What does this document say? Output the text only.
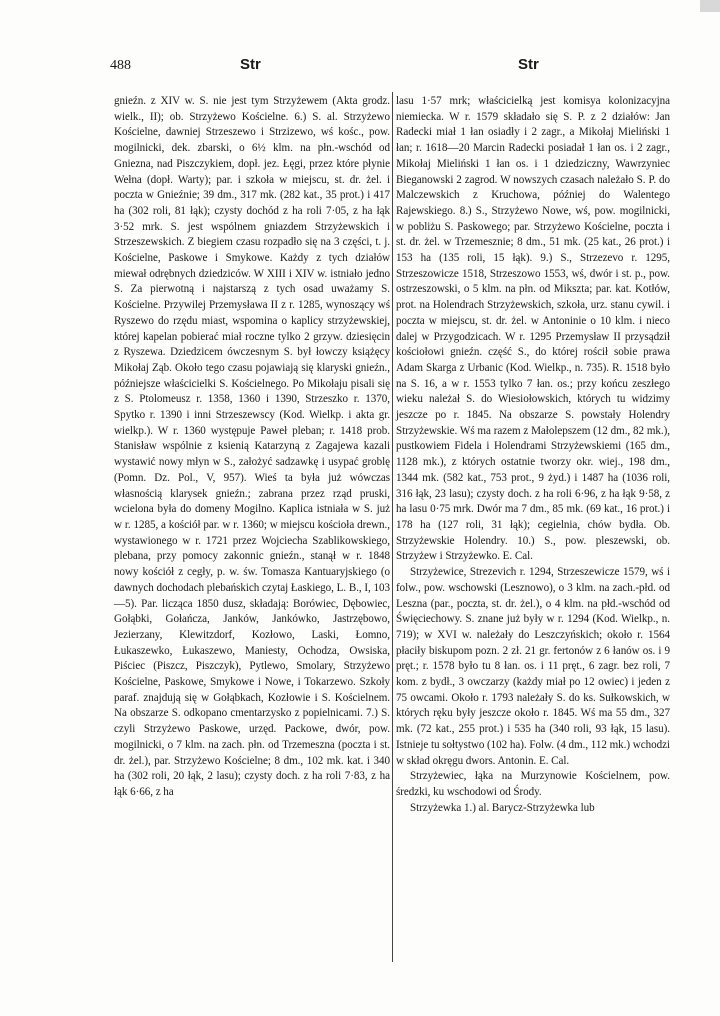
488	Str	Str

gnieźn. z XIV w. S. nie jest tym Strzyżewem (Akta grodz. wielk., II); ob. Strzyżewo Kościelne. 6.) S. al. Strzyżewo Kościelne, dawniej Strzeszewo i Strzizewo, wś kośc., pow. mogilnicki, dek. zbarski, o 6½ klm. na płn.-wschód od Gniezna, nad Piszczykiem, dopł. jez. Łęgi, przez które płynie Wełna (dopł. Warty); par. i szkoła w miejscu, st. dr. żel. i poczta w Gnieźnie; 39 dm., 317 mk. (282 kat., 35 prot.) i 417 ha (302 roli, 81 łąk); czysty dochód z ha roli 7·05, z ha łąk 3·52 mrk. S. jest wspólnem gniazdem Strzyżewskich i Strzeszewskich. Z biegiem czasu rozpadło się na 3 części, t. j. Kościelne, Paskowe i Smykowe. Każdy z tych działów miewał odrębnych dziedziców. W XIII i XIV w. istniało jedno S. Za pierwotną i najstarszą z tych osad uważamy S. Kościelne. Przywilej Przemysława II z r. 1285, wynoszący wś Ryszewo do rzędu miast, wspomina o kaplicy strzyżewskiej, której kapelan pobierać miał roczne tylko 2 grzyw. dziesięcin z Ryszewa. Dziedzicem ówczesnym S. był łowczy książęcy Mikołaj Ząb. Około tego czasu pojawiają się klaryski gnieźn., późniejsze właścicielki S. Kościelnego. Po Mikołaju pisali się z S. Ptolomeusz r. 1358, 1360 i 1390, Strzeszko r. 1370, Spytko r. 1390 i inni Strzeszewscy (Kod. Wielkp. i akta gr. wielkp.). W r. 1360 występuje Paweł pleban; r. 1418 prob. Stanisław wspólnie z ksienią Katarzyną z Zagajewa kazali wystawić nowy młyn w S., założyć sadzawkę i usypać groblę (Pomn. Dz. Pol., V, 957). Wieś ta była już wówczas własnością klarysek gnieźn.; zabrana przez rząd pruski, wcielona była do domeny Mogilno. Kaplica istniała w S. już w r. 1285, a kościół par. w r. 1360; w miejscu kościoła drewn., wystawionego w r. 1721 przez Wojciecha Szablikowskiego, plebana, przy pomocy zakonnic gnieźn., stanął w r. 1848 nowy kościół z cegły, p. w. św. Tomasza Kantuaryjskiego (o dawnych dochodach plebańskich czytaj Łaskiego, L. B., I, 103—5). Par. licząca 1850 dusz, składają: Borówiec, Dębowiec, Gołąbki, Gołańcza, Janków, Jankówko, Jastrzębowo, Jezierzany, Klewitzdorf, Kozłowo, Laski, Łomno, Łukaszewko, Łukaszewo, Maniesty, Ochodza, Owsiska, Piściec (Piszcz, Piszczyk), Pytlewo, Smolary, Strzyżewo Kościelne, Paskowe, Smykowe i Nowe, i Tokarzewo. Szkoły paraf. znajdują się w Gołąbkach, Kozłowie i S. Kościelnem. Na obszarze S. odkopano cmentarzysko z popielnicami. 7.) S. czyli Strzyżewo Paskowe, urzęd. Packowe, dwór, pow. mogilnicki, o 7 klm. na zach. płn. od Trzemeszna (poczta i st. dr. żel.), par. Strzyżewo Kościelne; 8 dm., 102 mk. kat. i 340 ha (302 roli, 20 łąk, 2 lasu); czysty doch. z ha roli 7·83, z ha łąk 6·66, z ha

lasu 1·57 mrk; właścicielką jest komisya kolonizacyjna niemiecka. W r. 1579 składało się S. P. z 2 działów: Jan Radecki miał 1 łan osiadły i 2 zagr., a Mikołaj Mieliński 1 łan; r. 1618—20 Marcin Radecki posiadał 1 łan os. i 2 zagr., Mikołaj Mieliński 1 łan os. i 1 dziedziczny, Wawrzyniec Bieganowski 2 zagrod. W nowszych czasach należało S. P. do Malczewskich z Kruchowa, później do Walentego Rajewskiego. 8.) S., Strzyżewo Nowe, wś, pow. mogilnicki, w pobliżu S. Paskowego; par. Strzyżewo Kościelne, poczta i st. dr. żel. w Trzemesznie; 8 dm., 51 mk. (25 kat., 26 prot.) i 153 ha (135 roli, 15 łąk). 9.) S., Strzezevo r. 1295, Strzeszowicze 1518, Strzeszowo 1553, wś, dwór i st. p., pow. ostrzeszowski, o 5 klm. na płn. od Mikszta; par. kat. Kotłów, prot. na Holendrach Strzyżewskich, szkoła, urz. stanu cywil. i poczta w miejscu, st. dr. żel. w Antoninie o 10 klm. i nieco dalej w Przygodzicach. W r. 1295 Przemysław II przysądził kościołowi gnieźn. część S., do której rościł sobie prawa Adam Skarga z Urbanic (Kod. Wielkp., n. 735). R. 1518 było na S. 16, a w r. 1553 tylko 7 łan. os.; przy końcu zeszłego wieku należał S. do Wiesiołowskich, których tu widzimy jeszcze po r. 1845. Na obszarze S. powstały Holendry Strzyżewskie. Wś ma razem z Małolepszem (12 dm., 82 mk.), pustkowiem Fidela i Holendrami Strzyżewskiemi (165 dm., 1128 mk.), z których ostatnie tworzy okr. wiej., 198 dm., 1344 mk. (582 kat., 753 prot., 9 żyd.) i 1487 ha (1036 roli, 316 łąk, 23 lasu); czysty doch. z ha roli 6·96, z ha łąk 9·58, z ha lasu 0·75 mrk. Dwór ma 7 dm., 85 mk. (69 kat., 16 prot.) i 178 ha (127 roli, 31 łąk); cegielnia, chów bydła. Ob. Strzyżewskie Holendry. 10.) S., pow. pleszewski, ob. Strzyżew i Strzyżewko. E. Cal.

Strzyżewice, Strezevich r. 1294, Strzeszewicze 1579, wś i folw., pow. wschowski (Lesznowo), o 3 klm. na zach.-płd. od Leszna (par., poczta, st. dr. żel.), o 4 klm. na płd.-wschód od Święciechowy. S. znane już były w r. 1294 (Kod. Wielkp., n. 719); w XVI w. należały do Leszczyńskich; około r. 1564 płaciły biskupom pozn. 2 zł. 21 gr. fertonów z 6 łanów os. i 9 pręt.; r. 1578 było tu 8 łan. os. i 11 pręt., 6 zagr. bez roli, 7 kom. z bydł., 3 owczarzy (każdy miał po 12 owiec) i jeden z 75 owcami. Około r. 1793 należały S. do ks. Sułkowskich, w których ręku były jeszcze około r. 1845. Wś ma 55 dm., 327 mk. (72 kat., 255 prot.) i 535 ha (340 roli, 93 łąk, 15 lasu). Istnieje tu sołtystwo (102 ha). Folw. (4 dm., 112 mk.) wchodzi w skład okręgu dwors. Antonin. E. Cal.

Strzyżewiec, łąka na Murzynowie Kościelnem, pow. średzki, ku wschodowi od Środy.

Strzyżewka 1.) al. Barycz-Strzyżewka lub
